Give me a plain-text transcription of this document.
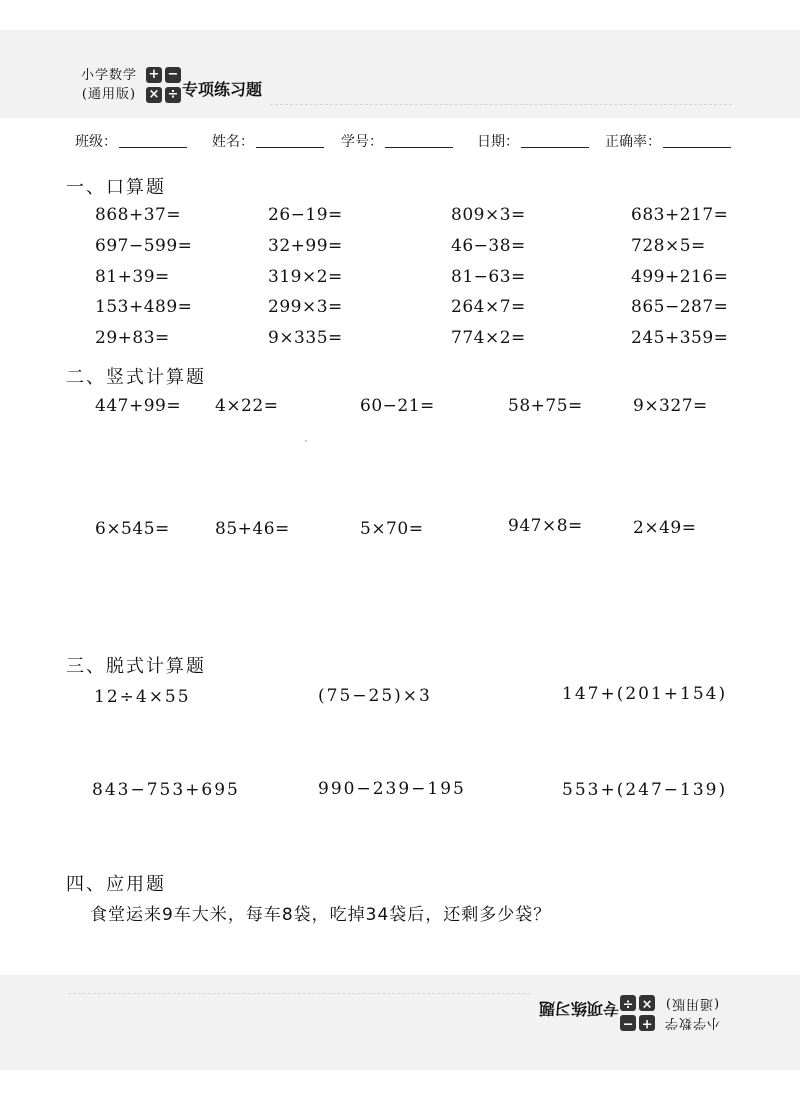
小学数学
(通用版)
+ −
× ÷ 专项练习题
小学数学
(通用版)
+
−
×
÷
专项练习题
班级：	姓名：	学号：	日期：	正确率：
一、口算题
868+37=	26−19=	809×3=	683+217=
697−599=	32+99=	46−38=	728×5=
81+39=	319×2=	81−63=	499+216=
153+489=	299×3=	264×7=	865−287=
29+83=	9×335=	774×2=	245+359=
二、竖式计算题
447+99= 4×22=	60−21=	58+75=	9×327=
6×545=	85+46=	5×70=	947×8=	2×49=
三、脱式计算题
12÷4×55	(75−25)×3	147+(201+154)
843−753+695	990−239−195	553+(247−139)
四、应用题
食堂运来9车大米，每车8袋，吃掉34袋后，还剩多少袋？
